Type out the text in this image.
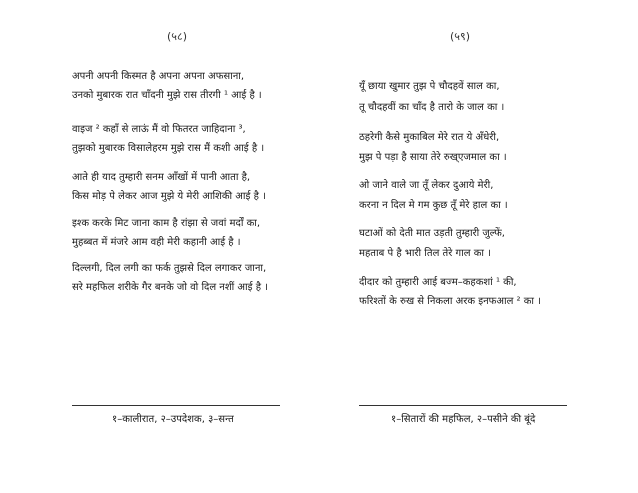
(५८)
अपनी अपनी किस्मत है अपना अपना अफसाना,
उनको मुबारक रात चाँदनी मुझे रास तीरगी ¹ आई है ।
वाइज ² कहाँ से लाऊं मैं वो फितरत जाहिदाना ³,
तुझको मुबारक विसालेहरम मुझे रास मैं कशी आई है ।
आते ही याद तुम्हारी सनम आँखों में पानी आता है,
किस मोड़ पे लेकर आज मुझे ये मेरी आशिकी आई है ।
इश्क करके मिट जाना काम है रांझा से जवां मर्दों का,
मुहब्बत में मंजरे आम वही मेरी कहानी आई है ।
दिल्लगी, दिल लगी का फर्क तुझसे दिल लगाकर जाना,
सरे महफिल शरीके गैर बनके जो वो दिल नशीं आई है ।
१–कालीरात, २–उपदेशक, ३–सन्त
(५९)
यूँ छाया खुमार तुझ पे चौदहवें साल का,
तू चौदहवीं का चाँद है तारो के जाल का ।
ठहरेगी कैसे मुकाबिल मेरे रात ये अँधेरी,
मुझ पे पड़ा है साया तेरे रुख्एजमाल का ।
ओ जाने वाले जा तूँ लेकर दुआये मेरी,
करना न दिल मे गम कुछ तूँ मेरे हाल का ।
घटाओं को देती मात उड़ती तुम्हारी जुल्फें,
महताब पे है भारी तिल तेरे गाल का ।
दीदार को तुम्हारी आई बज्म–कहकशां ¹ की,
फरिश्तों के रुख से निकला अरक इनफआल ² का ।
१–सितारों की महफिल, २–पसीने की बूंदे
